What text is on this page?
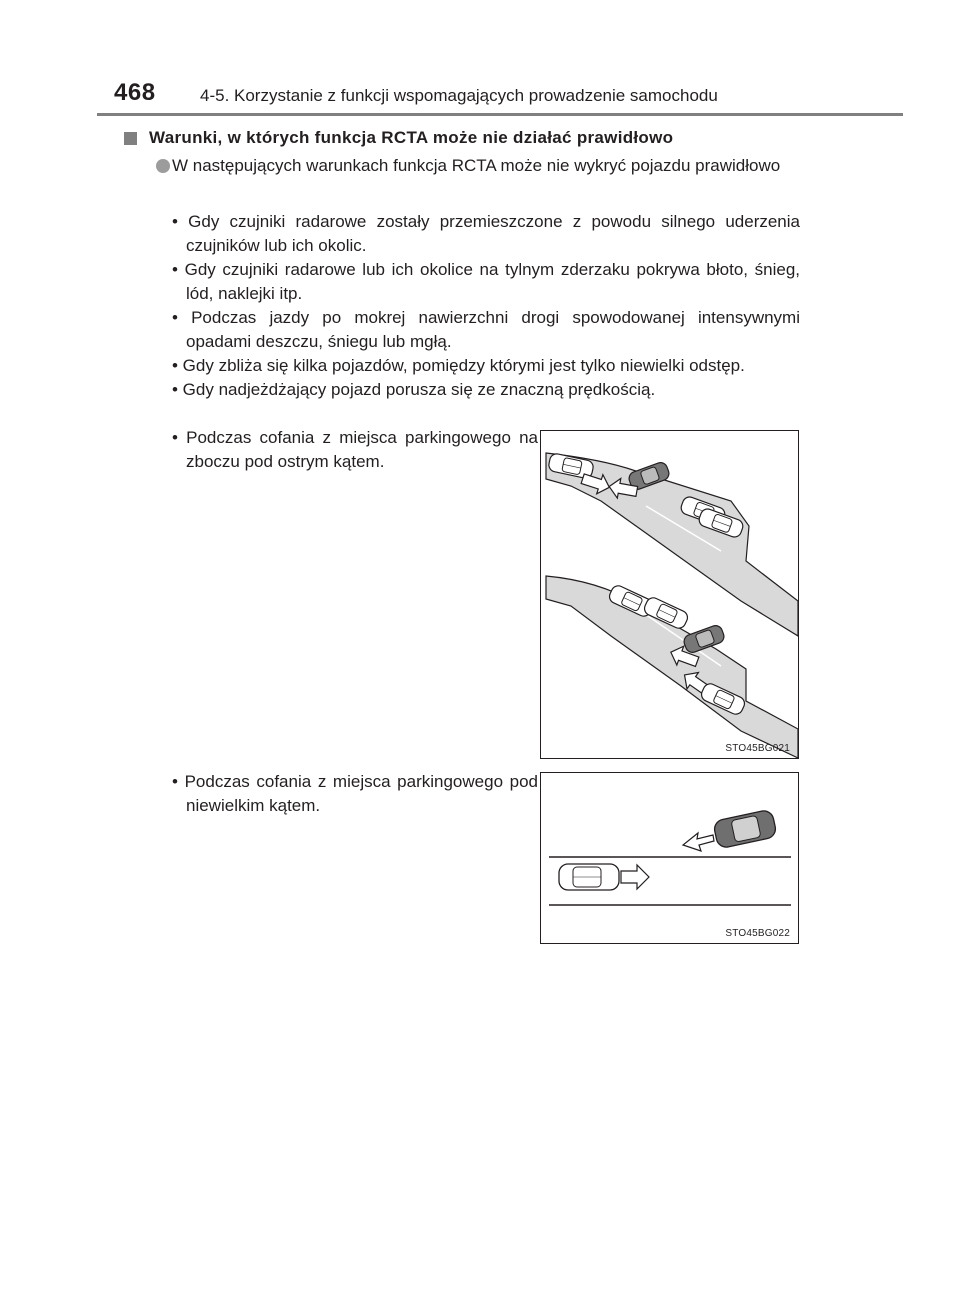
468	4-5. Korzystanie z funkcji wspomagających prowadzenie samochodu
Warunki, w których funkcja RCTA może nie działać prawidłowo
W następujących warunkach funkcja RCTA może nie wykryć pojazdu prawidłowo
• Gdy czujniki radarowe zostały przemieszczone z powodu silnego uderzenia czujników lub ich okolic.
• Gdy czujniki radarowe lub ich okolice na tylnym zderzaku pokrywa błoto, śnieg, lód, naklejki itp.
• Podczas jazdy po mokrej nawierzchni drogi spowodowanej intensywnymi opadami deszczu, śniegu lub mgłą.
• Gdy zbliża się kilka pojazdów, pomiędzy którymi jest tylko niewielki odstęp.
• Gdy nadjeżdżający pojazd porusza się ze znaczną prędkością.
• Podczas cofania z miejsca parkingowego na zboczu pod ostrym kątem.
• Podczas cofania z miejsca parkingowego pod niewielkim kątem.
STO45BG021
STO45BG022
